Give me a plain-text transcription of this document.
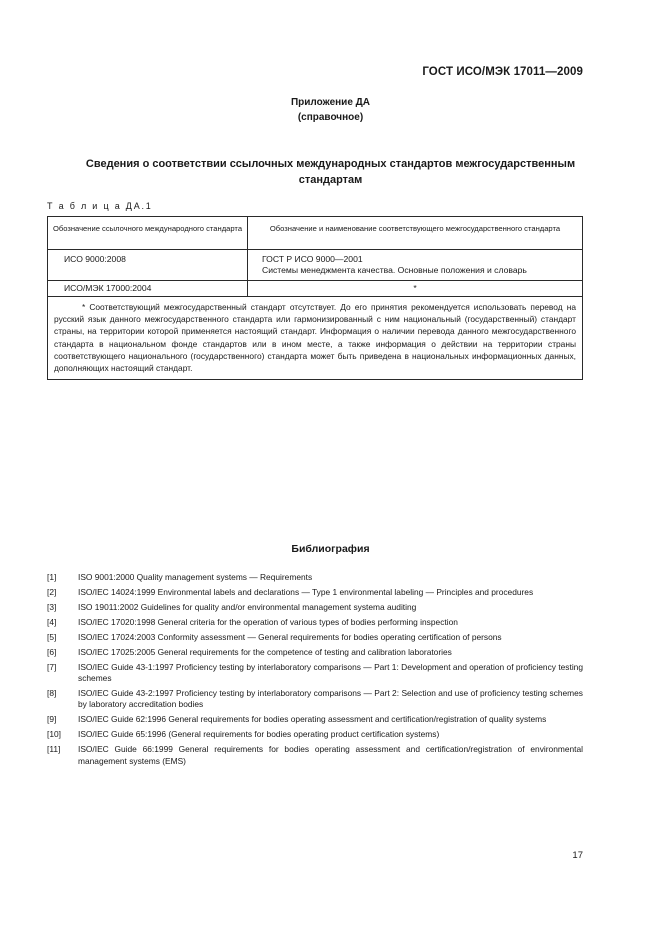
ГОСТ ИСО/МЭК 17011—2009
Приложение ДА
(справочное)
Сведения о соответствии ссылочных международных стандартов межгосударственным стандартам
Т а б л и ц а ДА.1
Обозначение ссылочного международного стандарта	Обозначение и наименование соответствующего межгосударственного стандарта
ИСО 9000:2008	ГОСТ Р ИСО 9000—2001
Системы менеджмента качества. Основные положения и словарь

ИСО/МЭК 17000:2004	*

* Соответствующий межгосударственный стандарт отсутствует. До его принятия рекомендуется использовать перевод на русский язык данного межгосударственного стандарта или гармонизированный с ним национальный (государственный) стандарт страны, на территории которой применяется настоящий стандарт. Информация о наличии перевода данного межгосударственного стандарта в национальном фонде стандартов или в ином месте, а также информация о действии на территории страны соответствующего национального (государственного) стандарта может быть приведена в национальных информационных данных, дополняющих настоящий стандарт.	
Библиография
[1]	ISO 9001:2000 Quality management systems — Requirements
[2]	ISO/IEC 14024:1999 Environmental labels and declarations — Type 1 environmental labeling — Principles and procedures
[3]	ISO 19011:2002 Guidelines for quality and/or environmental management systema auditing
[4]	ISO/IEC 17020:1998 General criteria for the operation of various types of bodies performing inspection
[5]	ISO/IEC 17024:2003 Conformity assessment — General requirements for bodies operating certification of persons
[6]	ISO/IEC 17025:2005 General requirements for the competence of testing and calibration laboratories
[7]	ISO/IEC Guide 43-1:1997 Proficiency testing by interlaboratory comparisons — Part 1: Development and operation of proficiency testing schemes
[8]	ISO/IEC Guide 43-2:1997 Proficiency testing by interlaboratory comparisons — Part 2: Selection and use of proficiency testing schemes by laboratory accreditation bodies
[9]	ISO/IEC Guide 62:1996 General requirements for bodies operating assessment and certification/registration of quality systems
[10]	ISO/IEC Guide 65:1996 (General requirements for bodies operating product certification systems)
[11]	ISO/IEC Guide 66:1999 General requirements for bodies operating assessment and certification/registration of environmental management systems (EMS)
17
